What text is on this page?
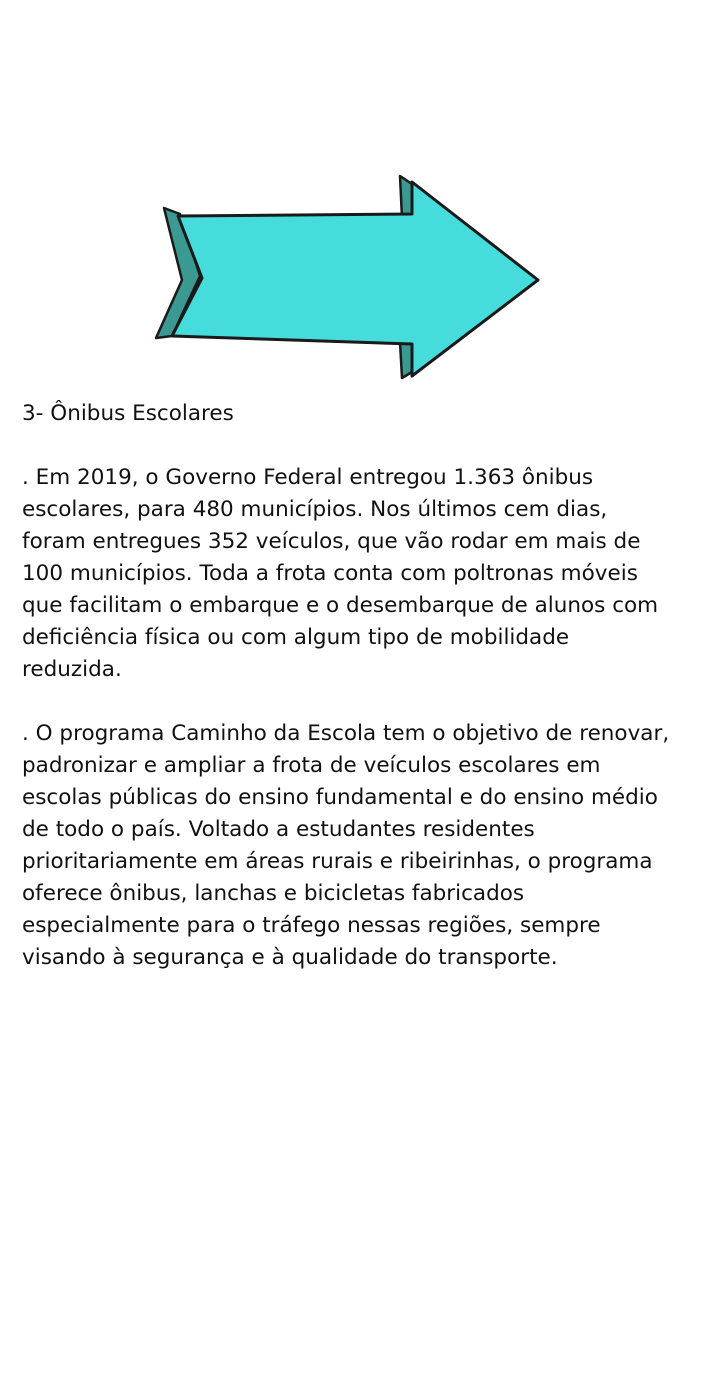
3- Ônibus Escolares
. Em 2019, o Governo Federal entregou 1.363 ônibus
escolares, para 480 municípios. Nos últimos cem dias,
foram entregues 352 veículos, que vão rodar em mais de
100 municípios. Toda a frota conta com poltronas móveis
que facilitam o embarque e o desembarque de alunos com
deficiência física ou com algum tipo de mobilidade
reduzida.
. O programa Caminho da Escola tem o objetivo de renovar,
padronizar e ampliar a frota de veículos escolares em
escolas públicas do ensino fundamental e do ensino médio
de todo o país. Voltado a estudantes residentes
prioritariamente em áreas rurais e ribeirinhas, o programa
oferece ônibus, lanchas e bicicletas fabricados
especialmente para o tráfego nessas regiões, sempre
visando à segurança e à qualidade do transporte.
